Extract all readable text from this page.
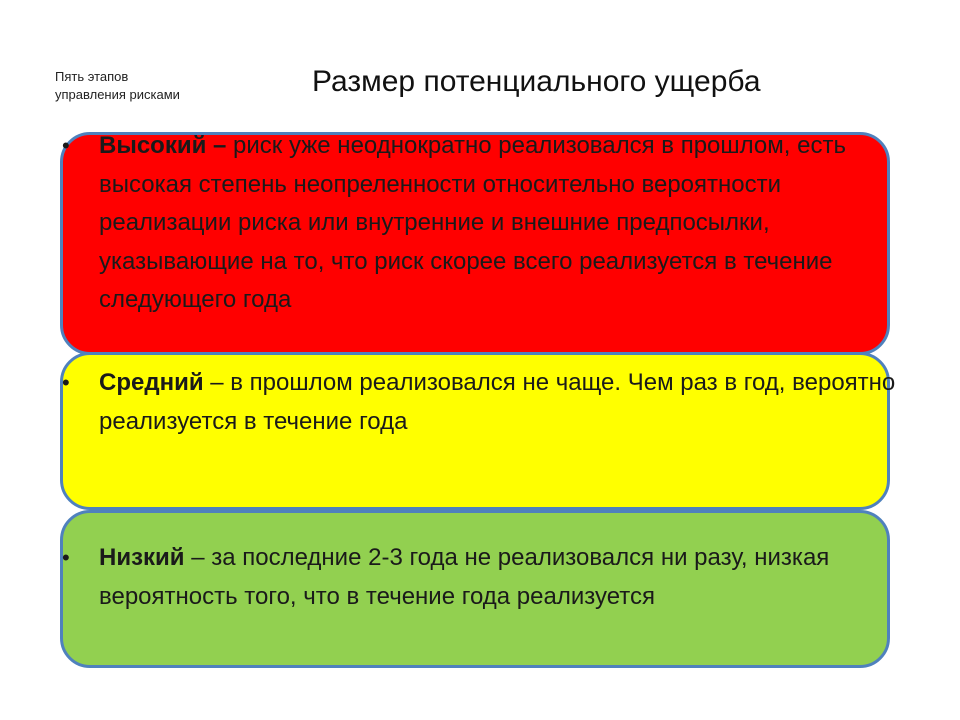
Пять этапов
управления рисками	Размер потенциального ущерба
• Высокий – риск уже неоднократно реализовался в прошлом, есть высокая степень неопреленности относительно вероятности реализации риска или внутренние и внешние предпосылки, указывающие на то, что риск скорее всего реализуется в течение следующего года
• Средний – в прошлом реализовался не чаще. Чем раз в год, вероятно реализуется в течение года
• Низкий – за последние 2-3 года не реализовался ни разу, низкая вероятность того, что в течение года реализуется
